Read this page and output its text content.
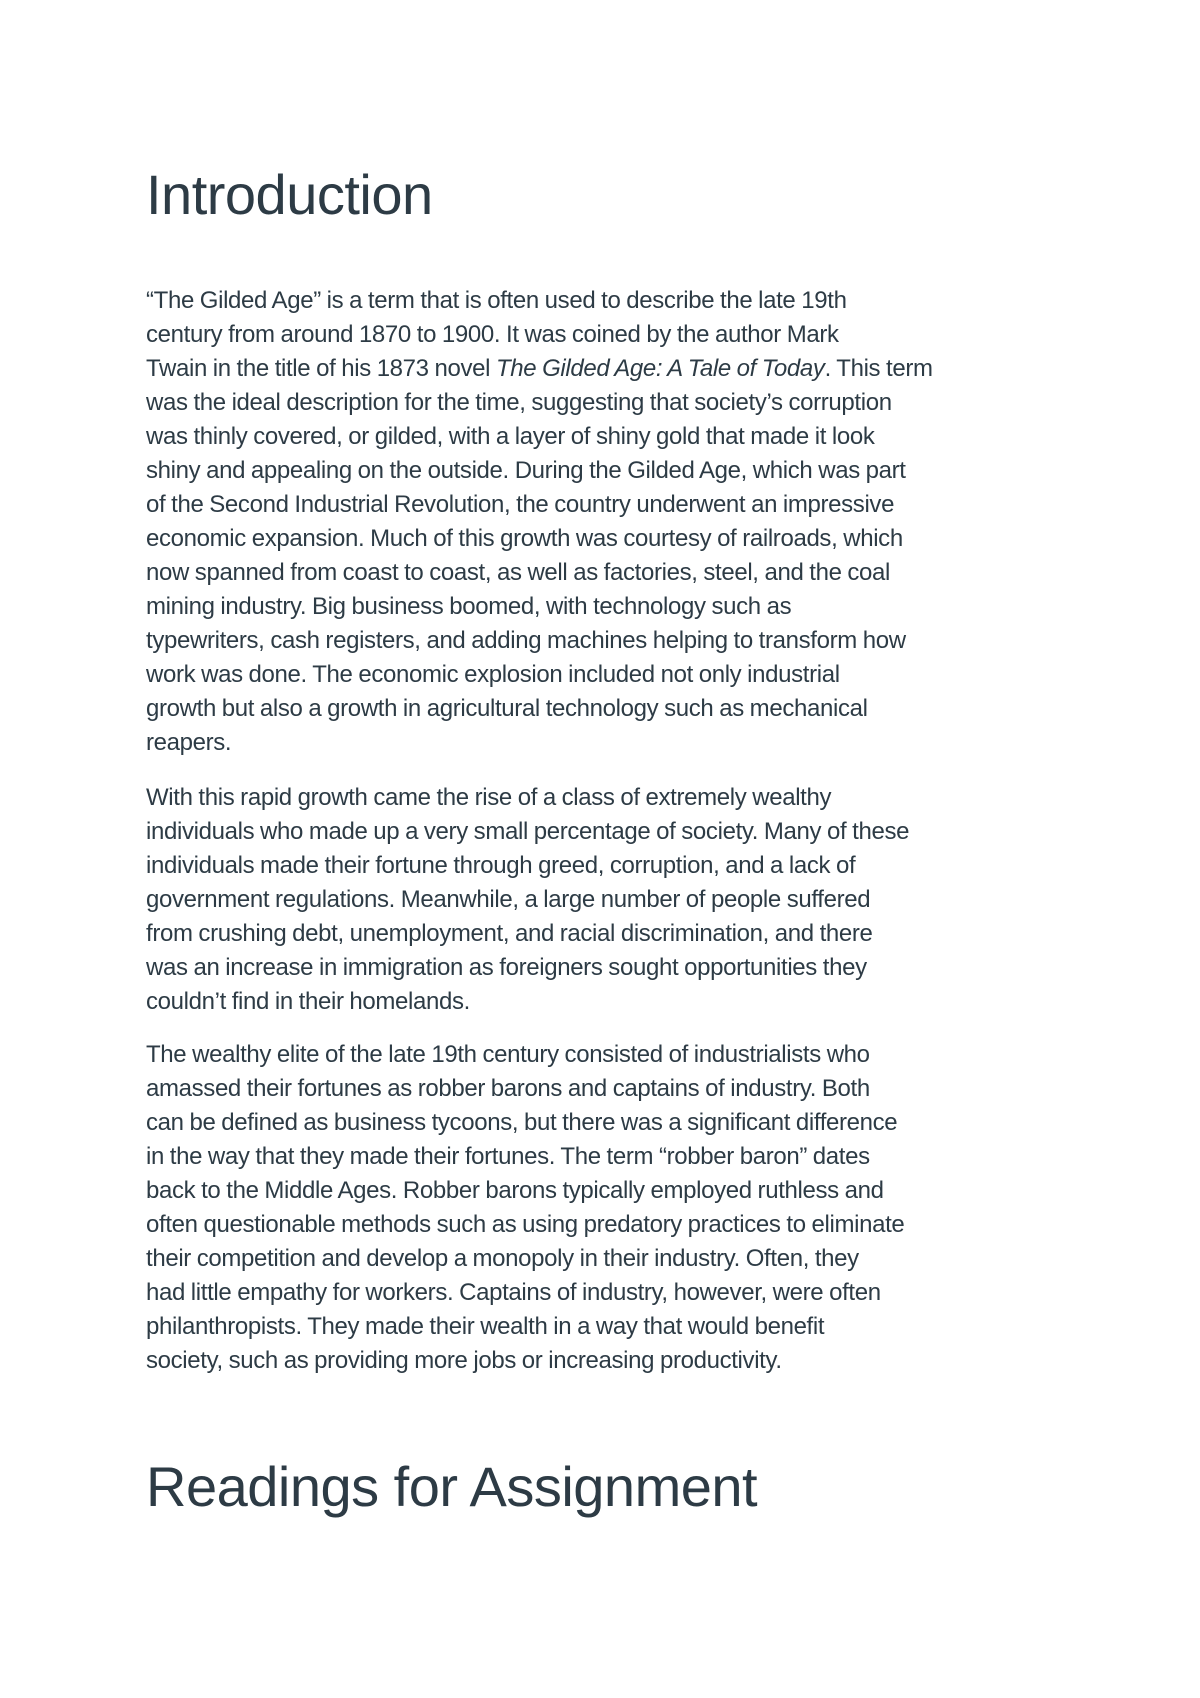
Introduction

“The Gilded Age” is a term that is often used to describe the late 19th
century from around 1870 to 1900. It was coined by the author Mark
Twain in the title of his 1873 novel The Gilded Age: A Tale of Today. This term
was the ideal description for the time, suggesting that society’s corruption
was thinly covered, or gilded, with a layer of shiny gold that made it look
shiny and appealing on the outside. During the Gilded Age, which was part
of the Second Industrial Revolution, the country underwent an impressive
economic expansion. Much of this growth was courtesy of railroads, which
now spanned from coast to coast, as well as factories, steel, and the coal
mining industry. Big business boomed, with technology such as
typewriters, cash registers, and adding machines helping to transform how
work was done. The economic explosion included not only industrial
growth but also a growth in agricultural technology such as mechanical
reapers.

With this rapid growth came the rise of a class of extremely wealthy
individuals who made up a very small percentage of society. Many of these
individuals made their fortune through greed, corruption, and a lack of
government regulations. Meanwhile, a large number of people suffered
from crushing debt, unemployment, and racial discrimination, and there
was an increase in immigration as foreigners sought opportunities they
couldn’t find in their homelands.

The wealthy elite of the late 19th century consisted of industrialists who
amassed their fortunes as robber barons and captains of industry. Both
can be defined as business tycoons, but there was a significant difference
in the way that they made their fortunes. The term “robber baron” dates
back to the Middle Ages. Robber barons typically employed ruthless and
often questionable methods such as using predatory practices to eliminate
their competition and develop a monopoly in their industry. Often, they
had little empathy for workers. Captains of industry, however, were often
philanthropists. They made their wealth in a way that would benefit
society, such as providing more jobs or increasing productivity.

Readings for Assignment
